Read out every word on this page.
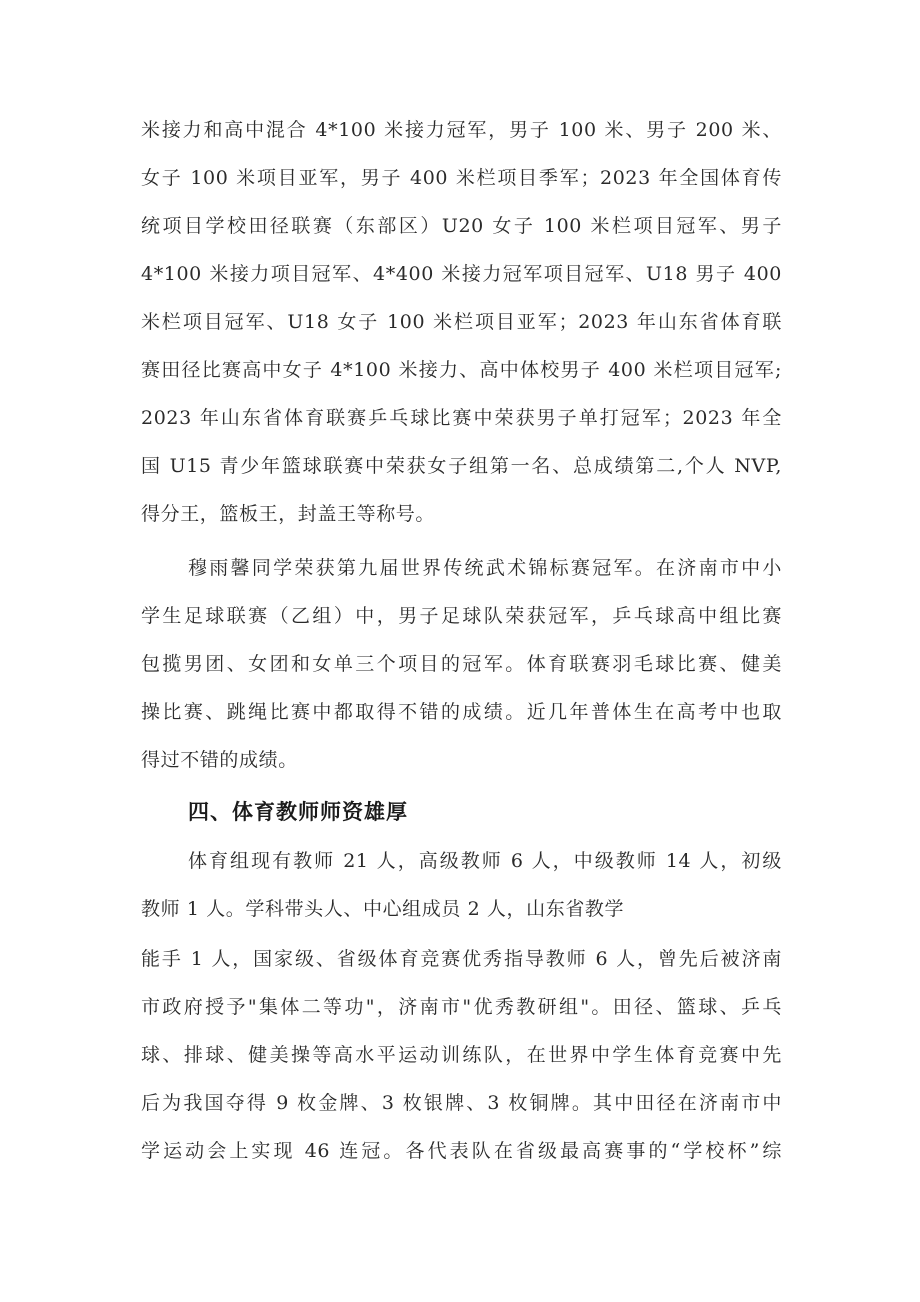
米接力和高中混合 4*100 米接力冠军，男子 100 米、男子 200 米、
女子 100 米项目亚军，男子 400 米栏项目季军；2023 年全国体育传
统项目学校田径联赛（东部区）U20 女子 100 米栏项目冠军、男子
4*100 米接力项目冠军、4*400 米接力冠军项目冠军、U18 男子 400
米栏项目冠军、U18 女子 100 米栏项目亚军；2023 年山东省体育联
赛田径比赛高中女子 4*100 米接力、高中体校男子 400 米栏项目冠军;
2023 年山东省体育联赛乒乓球比赛中荣获男子单打冠军；2023 年全
国 U15 青少年篮球联赛中荣获女子组第一名、总成绩第二,个人 NVP,
得分王，篮板王，封盖王等称号。
穆雨馨同学荣获第九届世界传统武术锦标赛冠军。在济南市中小
学生足球联赛（乙组）中，男子足球队荣获冠军，乒乓球高中组比赛
包揽男团、女团和女单三个项目的冠军。体育联赛羽毛球比赛、健美
操比赛、跳绳比赛中都取得不错的成绩。近几年普体生在高考中也取
得过不错的成绩。
四、体育教师师资雄厚
体育组现有教师 21 人，高级教师 6 人，中级教师 14 人，初级
教师 1 人。学科带头人、中心组成员 2 人，山东省教学
能手 1 人，国家级、省级体育竞赛优秀指导教师 6 人，曾先后被济南
市政府授予"集体二等功"，济南市"优秀教研组"。田径、篮球、乒乓
球、排球、健美操等高水平运动训练队，在世界中学生体育竞赛中先
后为我国夺得 9 枚金牌、3 枚银牌、3 枚铜牌。其中田径在济南市中
学运动会上实现 46 连冠。各代表队在省级最高赛事的“学校杯”综
